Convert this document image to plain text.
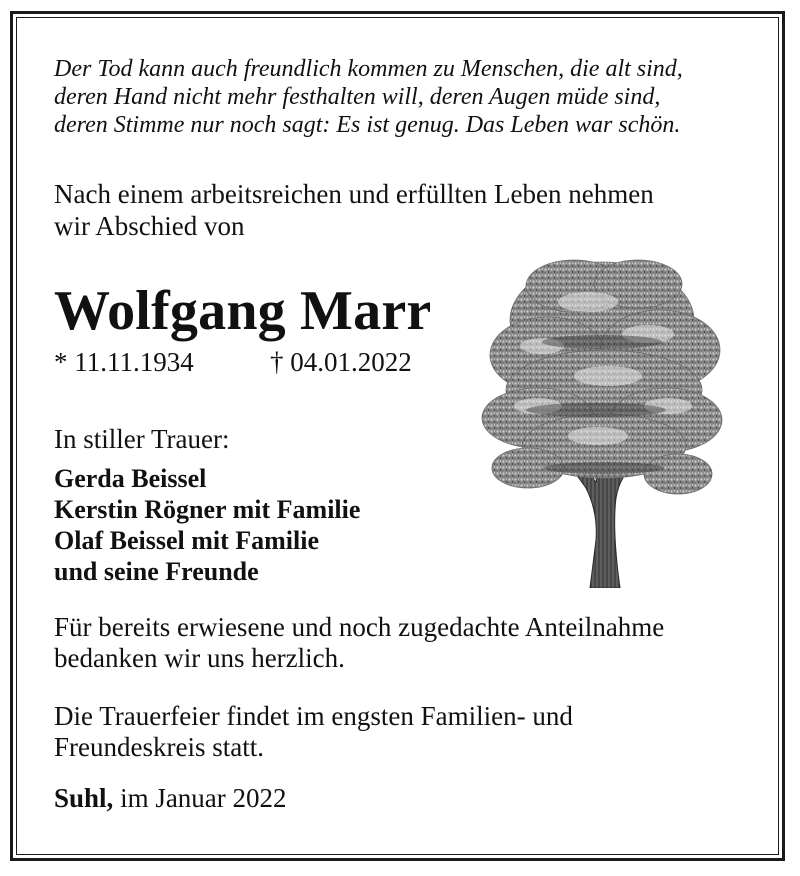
Der Tod kann auch freundlich kommen zu Menschen, die alt sind,
deren Hand nicht mehr festhalten will, deren Augen müde sind,
deren Stimme nur noch sagt: Es ist genug. Das Leben war schön.

Nach einem arbeitsreichen und erfüllten Leben nehmen
wir Abschied von

Wolfgang Marr

* 11.11.1934	† 04.01.2022

In stiller Trauer:

Gerda Beissel
Kerstin Rögner mit Familie
Olaf Beissel mit Familie
und seine Freunde

Für bereits erwiesene und noch zugedachte Anteilnahme
bedanken wir uns herzlich.

Die Trauerfeier findet im engsten Familien- und
Freundeskreis statt.

Suhl, im Januar 2022
